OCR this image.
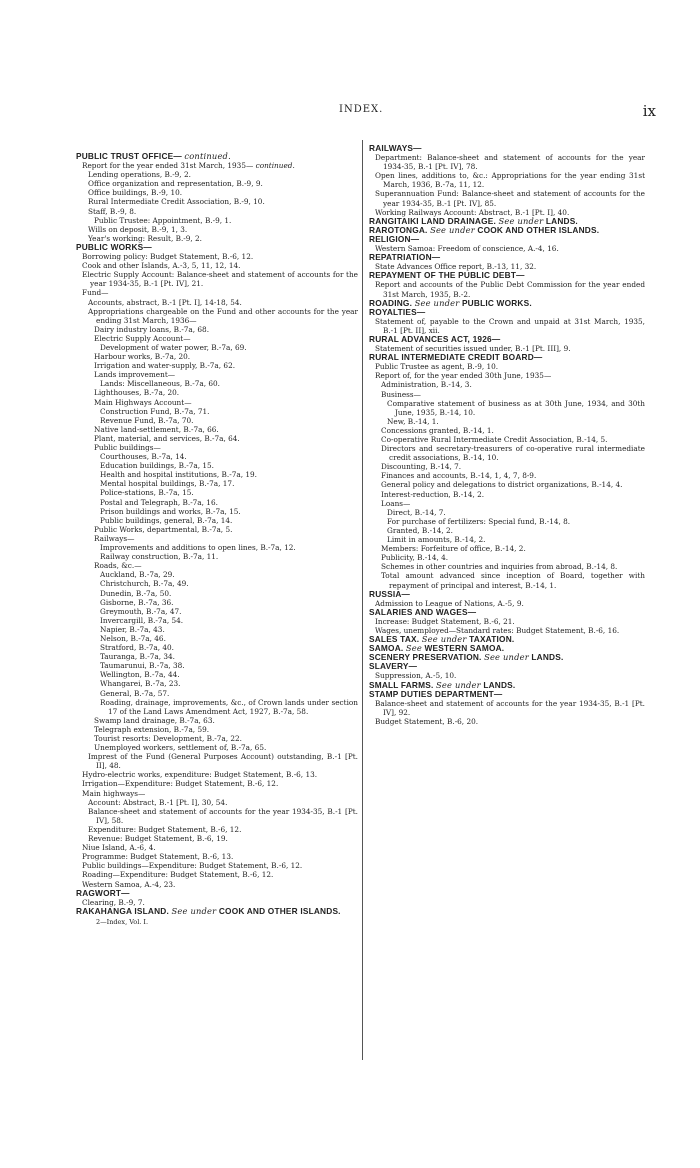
INDEX.	ix
PUBLIC TRUST OFFICE— continued.
Report for the year ended 31st March, 1935— continued.
Lending operations, B.-9, 2.
Office organization and representation, B.-9, 9.
Office buildings, B.-9, 10.
Rural Intermediate Credit Association, B.-9, 10.
Staff, B.-9, 8.
Public Trustee: Appointment, B.-9, 1.
Wills on deposit, B.-9, 1, 3.
Year's working: Result, B.-9, 2.
PUBLIC WORKS—
Borrowing policy: Budget Statement, B.-6, 12.
Cook and other Islands, A.-3, 5, 11, 12, 14.
Electric Supply Account: Balance-sheet and statement of accounts for the year 1934-35, B.-1 [Pt. IV], 21.
Fund—
Accounts, abstract, B.-1 [Pt. I], 14-18, 54.
Appropriations chargeable on the Fund and other accounts for the year ending 31st March, 1936—
Dairy industry loans, B.-7a, 68.
Electric Supply Account—
Development of water power, B.-7a, 69.
Harbour works, B.-7a, 20.
Irrigation and water-supply, B.-7a, 62.
Lands improvement—
Lands: Miscellaneous, B.-7a, 60.
Lighthouses, B.-7a, 20.
Main Highways Account—
Construction Fund, B.-7a, 71.
Revenue Fund, B.-7a, 70.
Native land-settlement, B.-7a, 66.
Plant, material, and services, B.-7a, 64.
Public buildings—
Courthouses, B.-7a, 14.
Education buildings, B.-7a, 15.
Health and hospital institutions, B.-7a, 19.
Mental hospital buildings, B.-7a, 17.
Police-stations, B.-7a, 15.
Postal and Telegraph, B.-7a, 16.
Prison buildings and works, B.-7a, 15.
Public buildings, general, B.-7a, 14.
Public Works, departmental, B.-7a, 5.
Railways—
Improvements and additions to open lines, B.-7a, 12.
Railway construction, B.-7a, 11.
Roads, &c.—
Auckland, B.-7a, 29.
Christchurch, B.-7a, 49.
Dunedin, B.-7a, 50.
Gisborne, B.-7a, 36.
Greymouth, B.-7a, 47.
Invercargill, B.-7a, 54.
Napier, B.-7a, 43.
Nelson, B.-7a, 46.
Stratford, B.-7a, 40.
Tauranga, B.-7a, 34.
Taumarunui, B.-7a, 38.
Wellington, B.-7a, 44.
Whangarei, B.-7a, 23.
General, B.-7a, 57.
Roading, drainage, improvements, &c., of Crown lands under section 17 of the Land Laws Amendment Act, 1927, B.-7a, 58.
Swamp land drainage, B.-7a, 63.
Telegraph extension, B.-7a, 59.
Tourist resorts: Development, B.-7a, 22.
Unemployed workers, settlement of, B.-7a, 65.
Imprest of the Fund (General Purposes Account) outstanding, B.-1 [Pt. II], 48.
Hydro-electric works, expenditure: Budget Statement, B.-6, 13.
Irrigation—Expenditure: Budget Statement, B.-6, 12.
Main highways—
Account: Abstract, B.-1 [Pt. I], 30, 54.
Balance-sheet and statement of accounts for the year 1934-35, B.-1 [Pt. IV], 58.
Expenditure: Budget Statement, B.-6, 12.
Revenue: Budget Statement, B.-6, 19.
Niue Island, A.-6, 4.
Programme: Budget Statement, B.-6, 13.
Public buildings—Expenditure: Budget Statement, B.-6, 12.
Roading—Expenditure: Budget Statement, B.-6, 12.
Western Samoa, A.-4, 23.
RAGWORT—
Clearing, B.-9, 7.
RAKAHANGA ISLAND. See under COOK AND OTHER ISLANDS.
2—Index, Vol. I.
RAILWAYS—
Department: Balance-sheet and statement of accounts for the year 1934-35, B.-1 [Pt. IV], 78.
Open lines, additions to, &c.: Appropriations for the year ending 31st March, 1936, B.-7a, 11, 12.
Superannuation Fund: Balance-sheet and statement of accounts for the year 1934-35, B.-1 [Pt. IV], 85.
Working Railways Account: Abstract, B.-1 [Pt. I], 40.
RANGITAIKI LAND DRAINAGE. See under LANDS.
RAROTONGA. See under COOK AND OTHER ISLANDS.
RELIGION—
Western Samoa: Freedom of conscience, A.-4, 16.
REPATRIATION—
State Advances Office report, B.-13, 11, 32.
REPAYMENT OF THE PUBLIC DEBT—
Report and accounts of the Public Debt Commission for the year ended 31st March, 1935, B.-2.
ROADING. See under PUBLIC WORKS.
ROYALTIES—
Statement of, payable to the Crown and unpaid at 31st March, 1935, B.-1 [Pt. II], xii.
RURAL ADVANCES ACT, 1926—
Statement of securities issued under, B.-1 [Pt. III], 9.
RURAL INTERMEDIATE CREDIT BOARD—
Public Trustee as agent, B.-9, 10.
Report of, for the year ended 30th June, 1935—
Administration, B.-14, 3.
Business—
Comparative statement of business as at 30th June, 1934, and 30th June, 1935, B.-14, 10.
New, B.-14, 1.
Concessions granted, B.-14, 1.
Co-operative Rural Intermediate Credit Association, B.-14, 5.
Directors and secretary-treasurers of co-operative rural intermediate credit associations, B.-14, 10.
Discounting, B.-14, 7.
Finances and accounts, B.-14, 1, 4, 7, 8-9.
General policy and delegations to district organizations, B.-14, 4.
Interest-reduction, B.-14, 2.
Loans—
Direct, B.-14, 7.
For purchase of fertilizers: Special fund, B.-14, 8.
Granted, B.-14, 2.
Limit in amounts, B.-14, 2.
Members: Forfeiture of office, B.-14, 2.
Publicity, B.-14, 4.
Schemes in other countries and inquiries from abroad, B.-14, 8.
Total amount advanced since inception of Board, together with repayment of principal and interest, B.-14, 1.
RUSSIA—
Admission to League of Nations, A.-5, 9.
SALARIES AND WAGES—
Increase: Budget Statement, B.-6, 21.
Wages, unemployed—Standard rates: Budget Statement, B.-6, 16.
SALES TAX. See under TAXATION.
SAMOA. See WESTERN SAMOA.
SCENERY PRESERVATION. See under LANDS.
SLAVERY—
Suppression, A.-5, 10.
SMALL FARMS. See under LANDS.
STAMP DUTIES DEPARTMENT—
Balance-sheet and statement of accounts for the year 1934-35, B.-1 [Pt. IV], 92.
Budget Statement, B.-6, 20.
